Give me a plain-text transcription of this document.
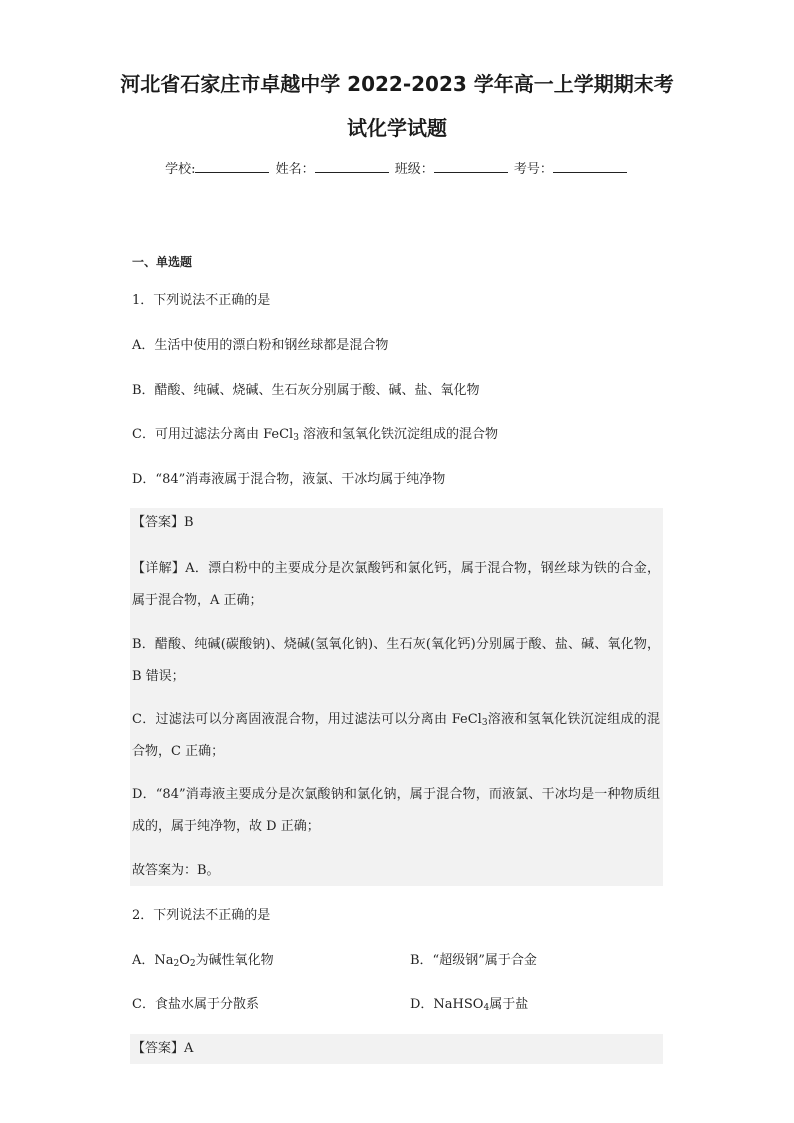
河北省石家庄市卓越中学 2022-2023 学年高一上学期期末考
试化学试题
学校:	姓名：	班级：	考号：
一、单选题
1．下列说法不正确的是
A．生活中使用的漂白粉和钢丝球都是混合物
B．醋酸、纯碱、烧碱、生石灰分别属于酸、碱、盐、氧化物
C．可用过滤法分离由 FeCl$_3$ 溶液和氢氧化铁沉淀组成的混合物
D．“84”消毒液属于混合物，液氯、干冰均属于纯净物
【答案】B
【详解】A．漂白粉中的主要成分是次氯酸钙和氯化钙，属于混合物，钢丝球为铁的合金，属于混合物，A 正确；
B．醋酸、纯碱(碳酸钠)、烧碱(氢氧化钠)、生石灰(氧化钙)分别属于酸、盐、碱、氧化物，B 错误；
C．过滤法可以分离固液混合物，用过滤法可以分离由 FeCl$_3$溶液和氢氧化铁沉淀组成的混合物，C 正确；
D．“84”消毒液主要成分是次氯酸钠和氯化钠，属于混合物，而液氯、干冰均是一种物质组成的，属于纯净物，故 D 正确；
故答案为：B。
2．下列说法不正确的是
A．$Na_2O_2$为碱性氧化物	B．“超级钢”属于合金
C．食盐水属于分散系	D．NaHSO$_4$属于盐
【答案】A
